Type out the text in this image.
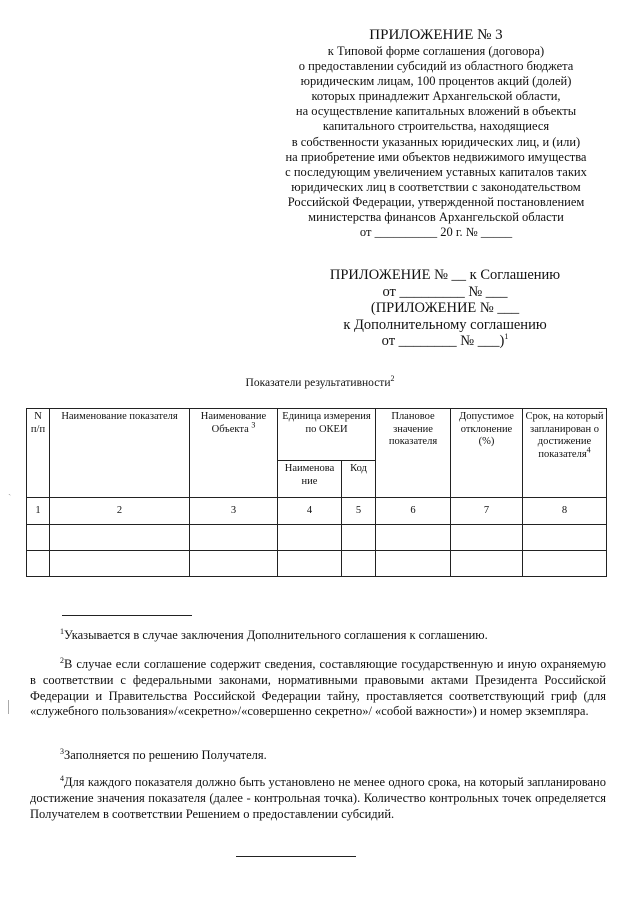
ПРИЛОЖЕНИЕ № 3
к Типовой форме соглашения (договора)
о предоставлении субсидий из областного бюджета
юридическим лицам, 100 процентов акций (долей)
которых принадлежит Архангельской области,
на осуществление капитальных вложений в объекты
капитального строительства, находящиеся
в собственности указанных юридических лиц, и (или)
на приобретение ими объектов недвижимого имущества
с последующим увеличением уставных капиталов таких
юридических лиц в соответствии с законодательством
Российской Федерации, утвержденной постановлением
министерства финансов Архангельской области
от __________ 20 г. № _____
ПРИЛОЖЕНИЕ № __ к Соглашению
от _________ № ___
(ПРИЛОЖЕНИЕ № ___
к Дополнительному соглашению
от ________ № ___)$^1$
Показатели результативности$^2$
N п/п	Наименование показателя	Наименование Объекта $^3$	Единица измерения по ОКЕИ		Плановое значение показателя	Допустимое отклонение (%)	Срок, на который запланирован о достижение показателя$^4$
			Наименова ние	Код			
1	2	3	4	5	6	7	8

$^1$Указывается в случае заключения Дополнительного соглашения к соглашению.

$^2$В случае если соглашение содержит сведения, составляющие государственную и иную охраняемую в соответствии с федеральными законами, нормативными правовыми актами Президента Российской Федерации и Правительства Российской Федерации тайну, проставляется соответствующий гриф (для «служебного пользования»/«секретно»/«совершенно секретно»/ «собой важности») и номер экземпляра.

$^3$Заполняется по решению Получателя.

$^4$Для каждого показателя должно быть установлено не менее одного срока, на который запланировано достижение значения показателя (далее - контрольная точка). Количество контрольных точек определяется Получателем в соответствии Решением о предоставлении субсидий.

ˎ
